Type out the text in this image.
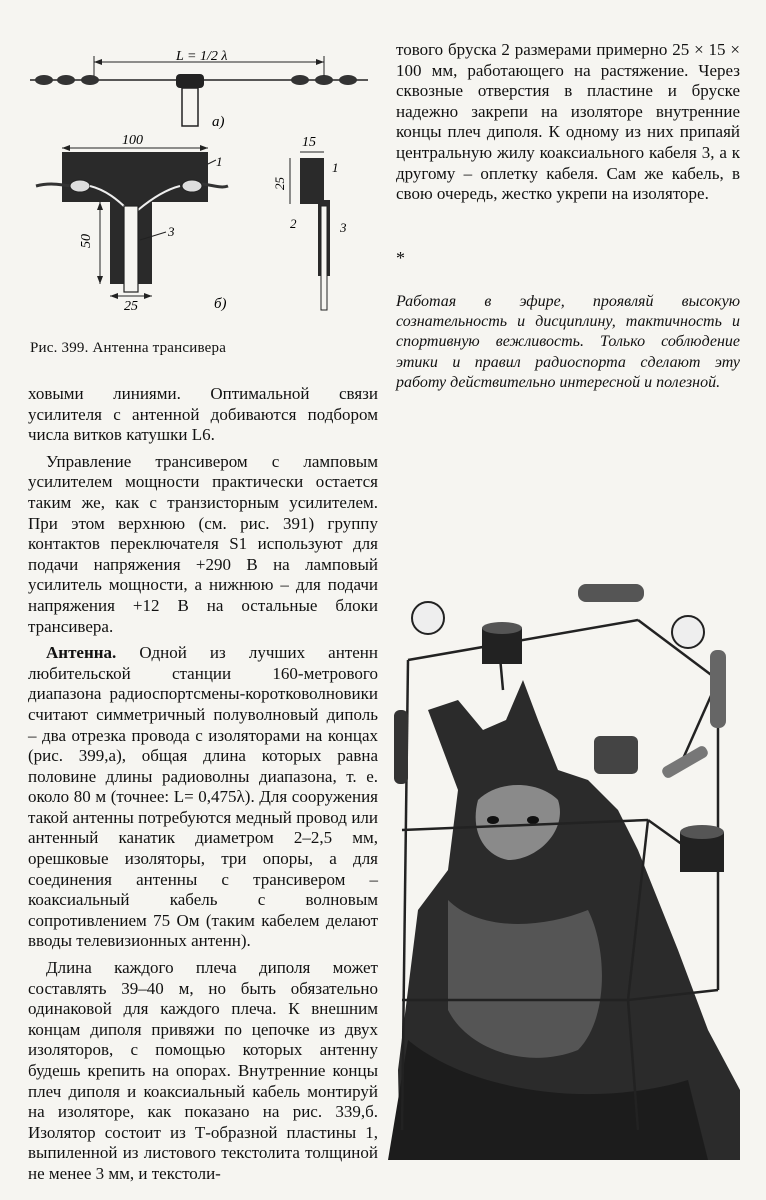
L = 1/2 λ
а)
100
1
3
50
25	б)
15
25
1
2	3
Рис. 399. Антенна трансивера

ховыми линиями. Оптимальной связи усилителя с антенной добиваются подбором числа витков катушки L6.

Управление трансивером с ламповым усилителем мощности практически остается таким же, как с транзисторным усилителем. При этом верхнюю (см. рис. 391) группу контактов переключателя S1 используют для подачи напряжения +290 В на ламповый усилитель мощности, а нижнюю – для подачи напряжения +12 В на остальные блоки трансивера.

Антенна. Одной из лучших антенн любительской станции 160-метрового диапазона радиоспортсмены-коротковолновики считают симметричный полуволновый диполь – два отрезка провода с изоляторами на концах (рис. 399,а), общая длина которых равна половине длины радиоволны диапазона, т. е. около 80 м (точнее: L= 0,475λ). Для сооружения такой антенны потребуются медный провод или антенный канатик диаметром 2–2,5 мм, орешковые изоляторы, три опоры, а для соединения антенны с трансивером – коаксиальный кабель с волновым сопротивлением 75 Ом (таким кабелем делают вводы телевизионных антенн).

Длина каждого плеча диполя может составлять 39–40 м, но быть обязательно одинаковой для каждого плеча. К внешним концам диполя привяжи по цепочке из двух изоляторов, с помощью которых антенну будешь крепить на опорах. Внутренние концы плеч диполя и коаксиальный кабель монтируй на изоляторе, как показано на рис. 339,б. Изолятор состоит из Т-образной пластины 1, выпиленной из листового текстолита толщиной не менее 3 мм, и текстоли-

тового бруска 2 размерами примерно 25 × 15 × 100 мм, работающего на растяжение. Через сквозные отверстия в пластине и бруске надежно закрепи на изоляторе внутренние концы плеч диполя. К одному из них припаяй центральную жилу коаксиального кабеля 3, а к другому – оплетку кабеля. Сам же кабель, в свою очередь, жестко укрепи на изоляторе.

*
Работая в эфире, проявляй высокую сознательность и дисциплину, тактичность и спортивную вежливость. Только соблюдение этики и правил радиоспорта сделают эту работу действительно интересной и полезной.
